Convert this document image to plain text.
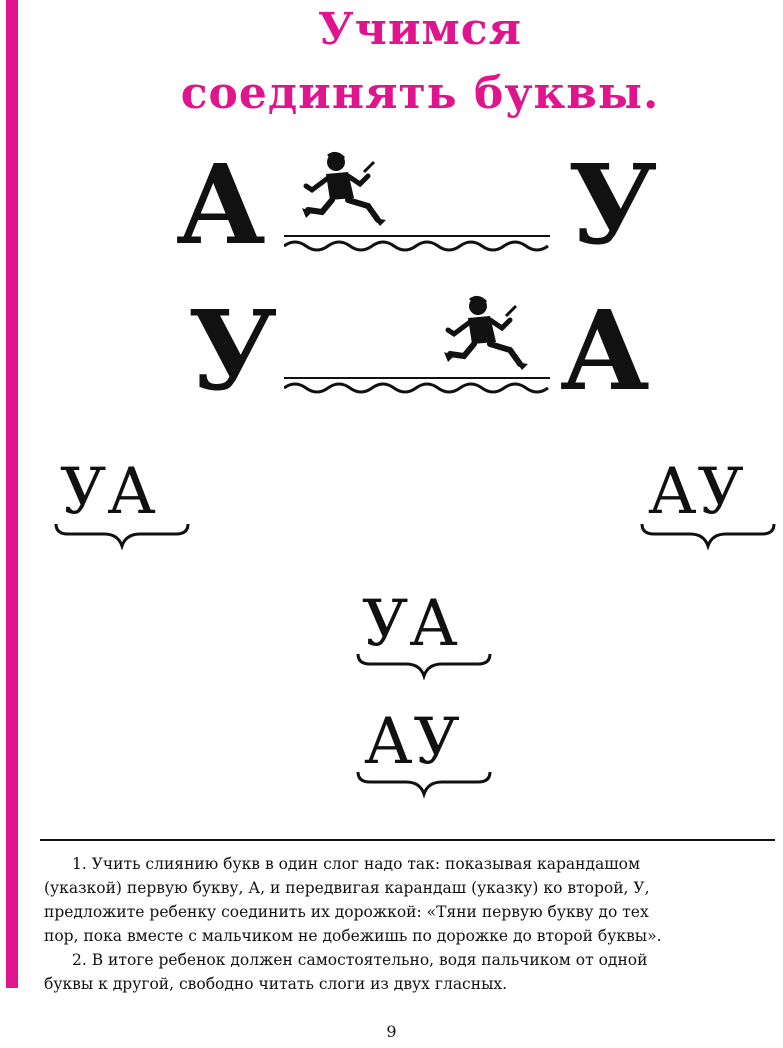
Учимся
соединять буквы.
А	У
У	А
УА	АУ
УА
АУ
1. Учить слиянию букв в один слог надо так: показывая карандашом
(указкой) первую букву, А, и передвигая карандаш (указку) ко второй, У,
предложите ребенку соединить их дорожкой: «Тяни первую букву до тех
пор, пока вместе с мальчиком не добежишь по дорожке до второй буквы».
2. В итоге ребенок должен самостоятельно, водя пальчиком от одной
буквы к другой, свободно читать слоги из двух гласных.
9
